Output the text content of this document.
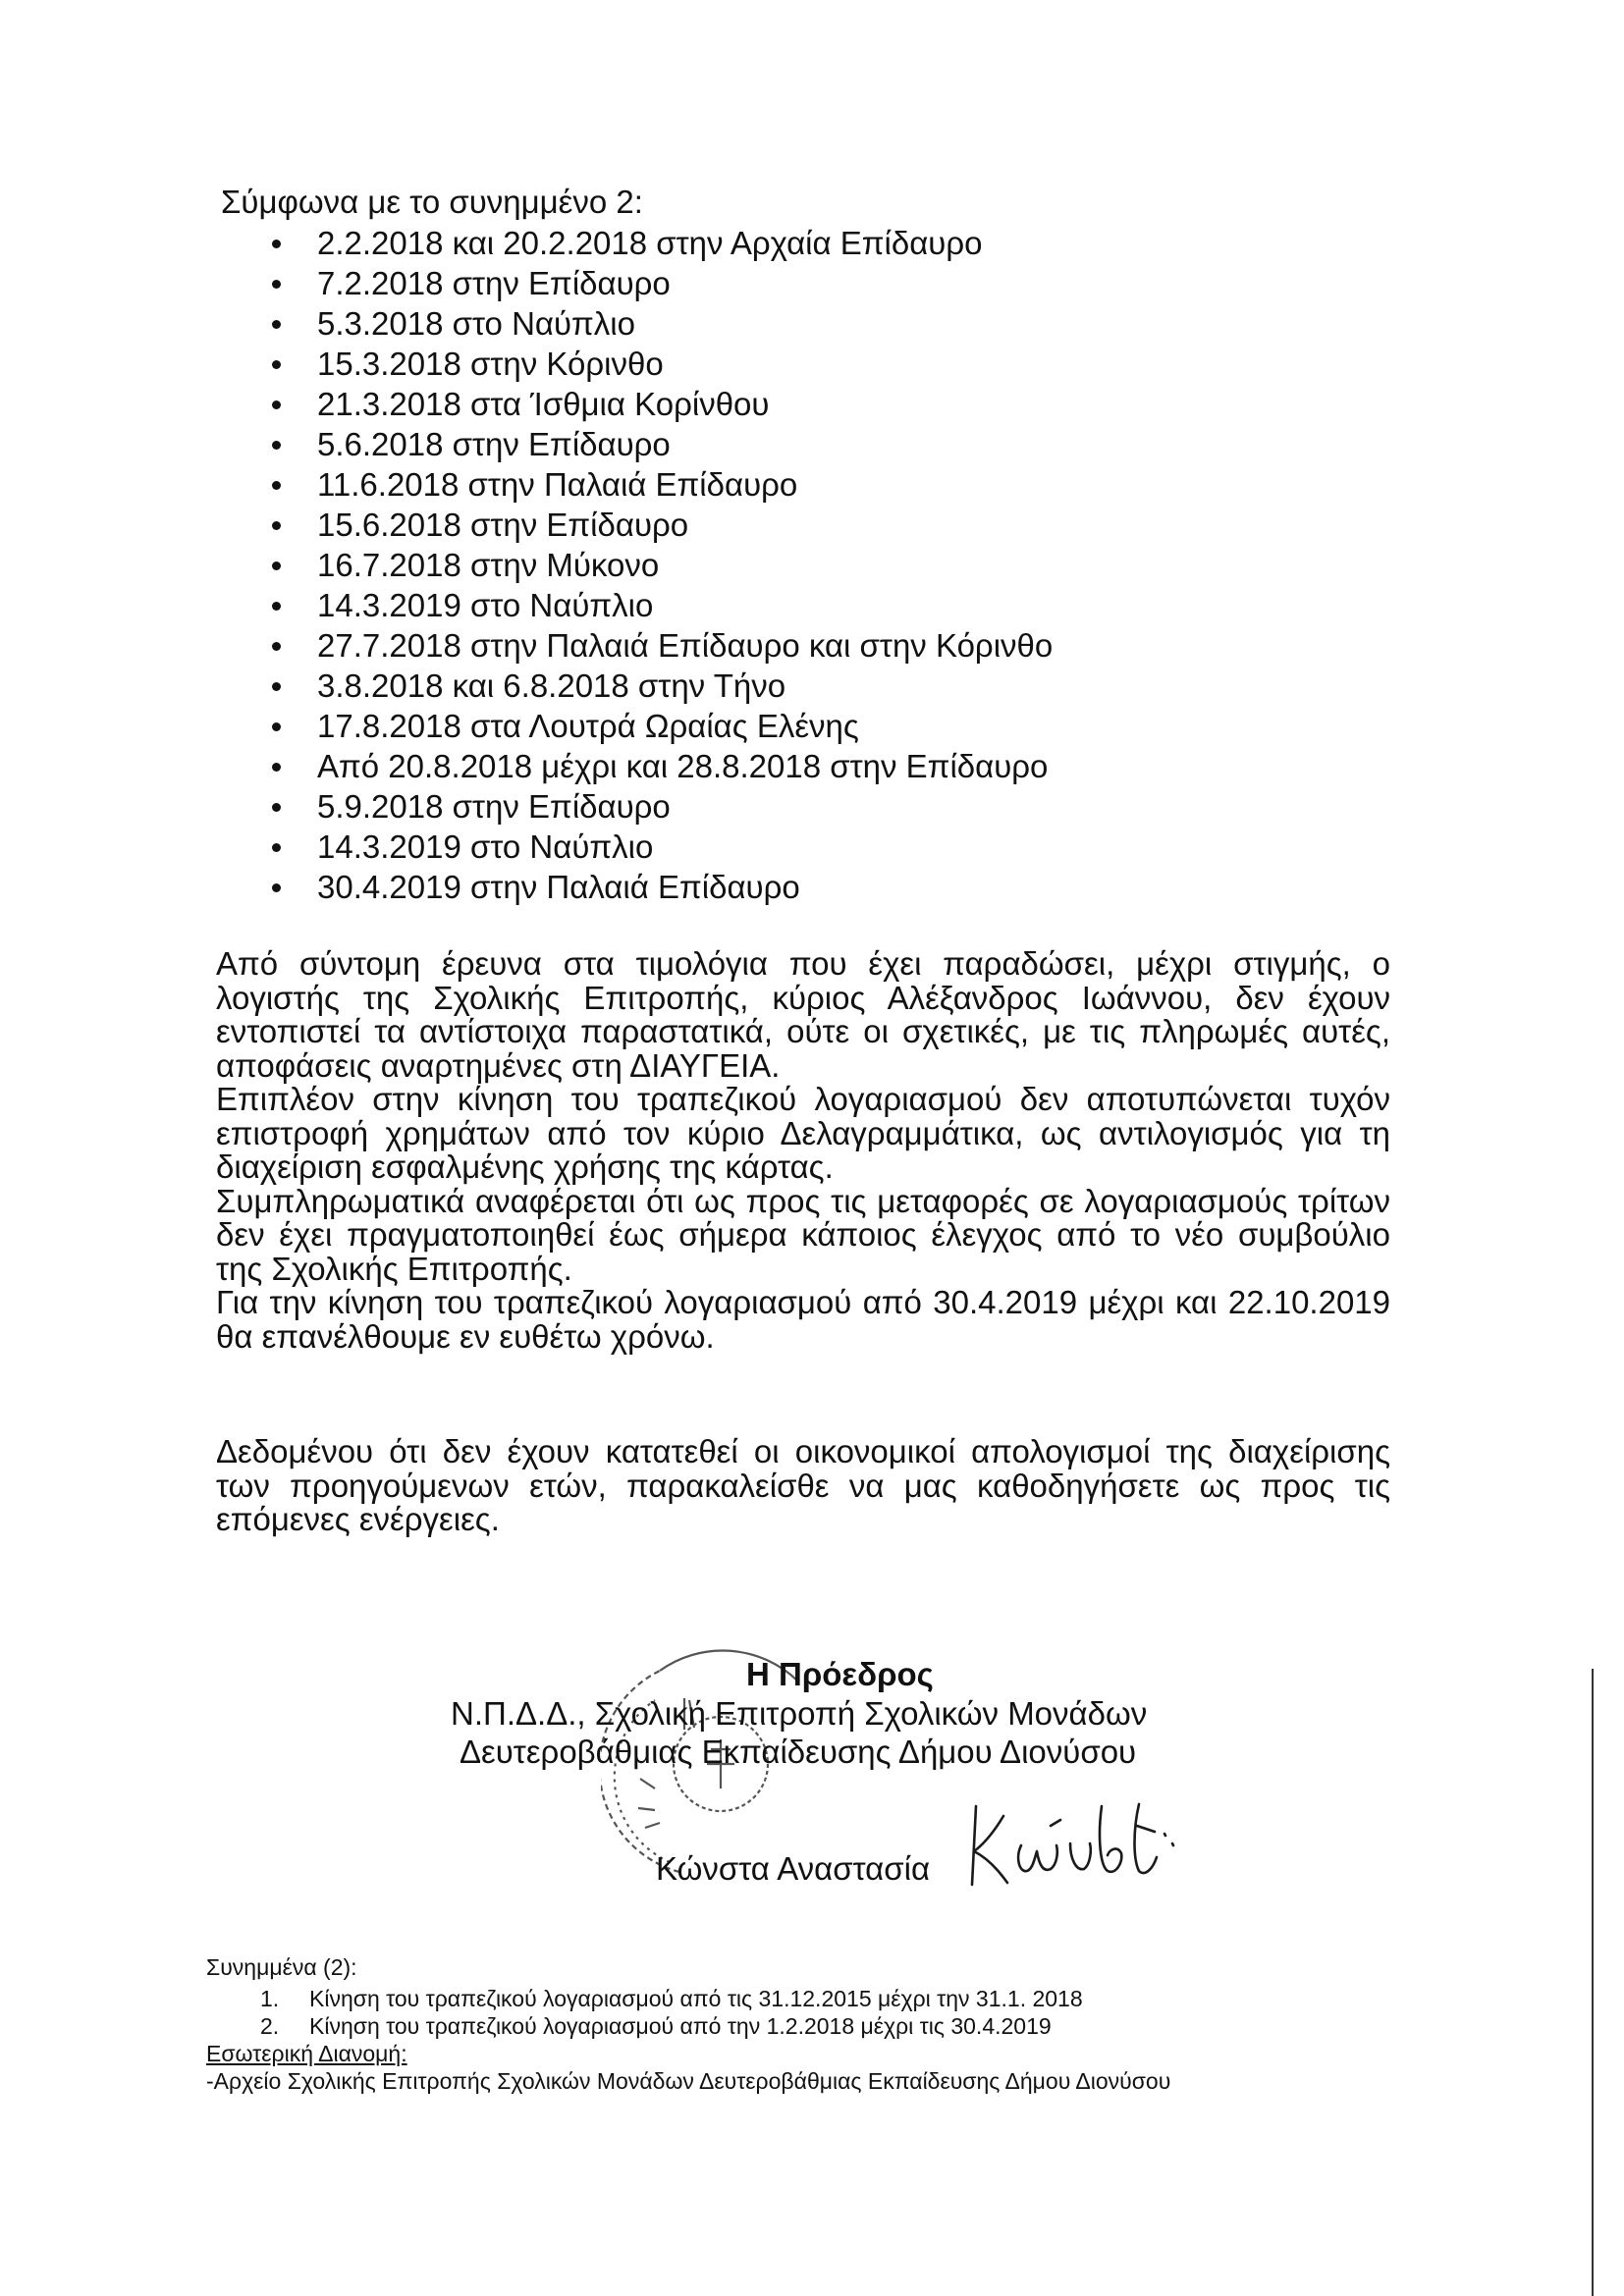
Σύμφωνα με το συνημμένο 2:

2.2.2018 και 20.2.2018 στην Αρχαία Επίδαυρο
7.2.2018 στην Επίδαυρο
5.3.2018 στο Ναύπλιο
15.3.2018 στην Κόρινθο
21.3.2018 στα Ίσθμια Κορίνθου
5.6.2018 στην Επίδαυρο
11.6.2018 στην Παλαιά Επίδαυρο
15.6.2018 στην Επίδαυρο
16.7.2018 στην Μύκονο
14.3.2019 στο Ναύπλιο
27.7.2018 στην Παλαιά Επίδαυρο και στην Κόρινθο
3.8.2018 και 6.8.2018 στην Τήνο
17.8.2018 στα Λουτρά Ωραίας Ελένης
Από 20.8.2018 μέχρι και 28.8.2018 στην Επίδαυρο
5.9.2018 στην Επίδαυρο
14.3.2019 στο Ναύπλιο
30.4.2019 στην Παλαιά Επίδαυρο

Από σύντομη έρευνα στα τιμολόγια που έχει παραδώσει, μέχρι στιγμής, ο λογιστής της Σχολικής Επιτροπής, κύριος Αλέξανδρος Ιωάννου, δεν έχουν εντοπιστεί τα αντίστοιχα παραστατικά, ούτε οι σχετικές, με τις πληρωμές αυτές, αποφάσεις αναρτημένες στη ΔΙΑΥΓΕΙΑ.

Επιπλέον στην κίνηση του τραπεζικού λογαριασμού δεν αποτυπώνεται τυχόν επιστροφή χρημάτων από τον κύριο Δελαγραμμάτικα, ως αντιλογισμός για τη διαχείριση εσφαλμένης χρήσης της κάρτας.

Συμπληρωματικά αναφέρεται ότι ως προς τις μεταφορές σε λογαριασμούς τρίτων δεν έχει πραγματοποιηθεί έως σήμερα κάποιος έλεγχος από το νέο συμβούλιο της Σχολικής Επιτροπής.

Για την κίνηση του τραπεζικού λογαριασμού από 30.4.2019 μέχρι και 22.10.2019 θα επανέλθουμε εν ευθέτω χρόνω.

Δεδομένου ότι δεν έχουν κατατεθεί οι οικονομικοί απολογισμοί της διαχείρισης των προηγούμενων ετών, παρακαλείσθε να μας καθοδηγήσετε ως προς τις επόμενες ενέργειες.

Η Πρόεδρος
Ν.Π.Δ.Δ., Σχολική Επιτροπή Σχολικών Μονάδων
Δευτεροβάθμιας Εκπαίδευσης Δήμου Διονύσου
Κώνστα Αναστασία

Συνημμένα (2):

1. Κίνηση του τραπεζικού λογαριασμού από τις 31.12.2015 μέχρι την 31.1. 2018
2. Κίνηση του τραπεζικού λογαριασμού από την 1.2.2018 μέχρι τις 30.4.2019

Εσωτερική Διανομή:

-Αρχείο Σχολικής Επιτροπής Σχολικών Μονάδων Δευτεροβάθμιας Εκπαίδευσης Δήμου Διονύσου
